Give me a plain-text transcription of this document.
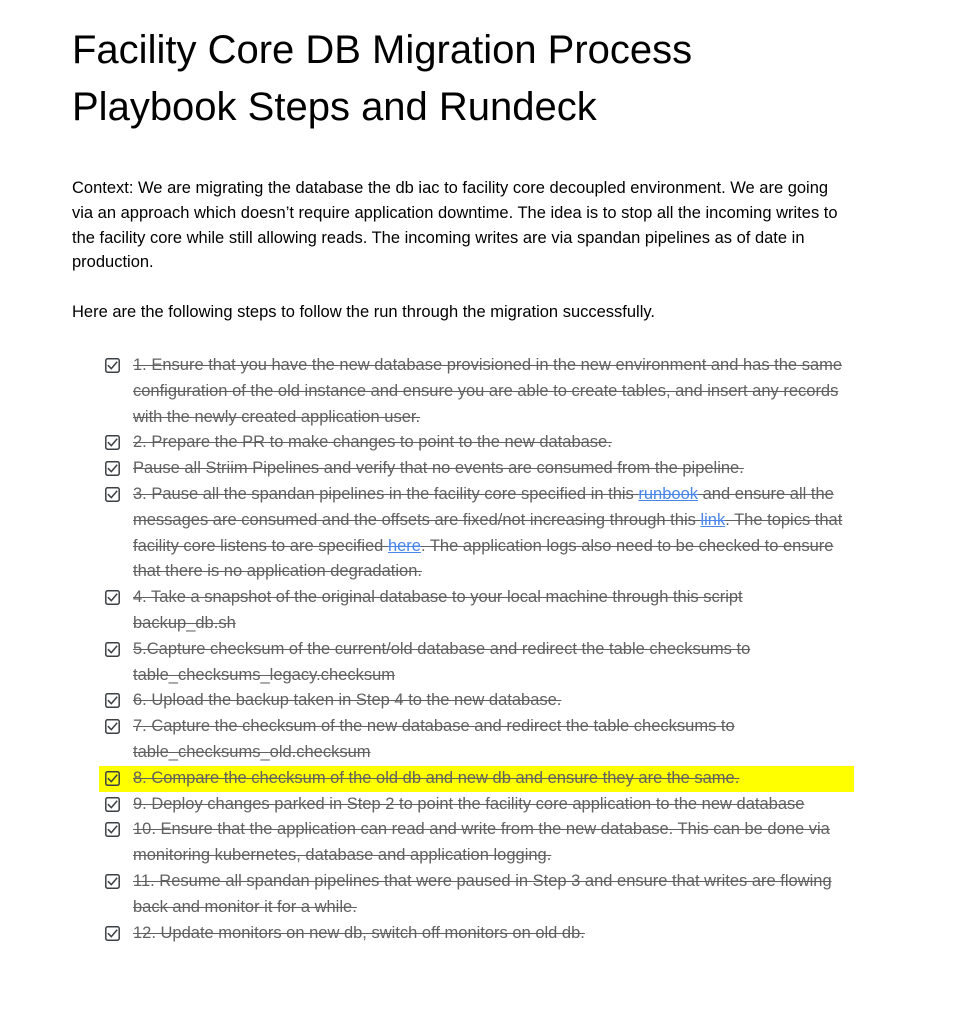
Facility Core DB Migration Process Playbook Steps and Rundeck

Context: We are migrating the database the db iac to facility core decoupled environment. We are going via an approach which doesn’t require application downtime. The idea is to stop all the incoming writes to the facility core while still allowing reads. The incoming writes are via spandan pipelines as of date in production.

Here are the following steps to follow the run through the migration successfully.

1. Ensure that you have the new database provisioned in the new environment and has the same configuration of the old instance and ensure you are able to create tables, and insert any records with the newly created application user.
2. Prepare the PR to make changes to point to the new database.
Pause all Striim Pipelines and verify that no events are consumed from the pipeline.
3. Pause all the spandan pipelines in the facility core specified in this runbook and ensure all the messages are consumed and the offsets are fixed/not increasing through this link. The topics that facility core listens to are specified here. The application logs also need to be checked to ensure that there is no application degradation.
4. Take a snapshot of the original database to your local machine through this script backup_db.sh
5.Capture checksum of the current/old database and redirect the table checksums to table_checksums_legacy.checksum
6. Upload the backup taken in Step 4 to the new database.
7. Capture the checksum of the new database and redirect the table checksums to table_checksums_old.checksum
8. Compare the checksum of the old db and new db and ensure they are the same.
9. Deploy changes parked in Step 2 to point the facility core application to the new database
10. Ensure that the application can read and write from the new database. This can be done via monitoring kubernetes, database and application logging.
11. Resume all spandan pipelines that were paused in Step 3 and ensure that writes are flowing back and monitor it for a while.
12. Update monitors on new db, switch off monitors on old db.
